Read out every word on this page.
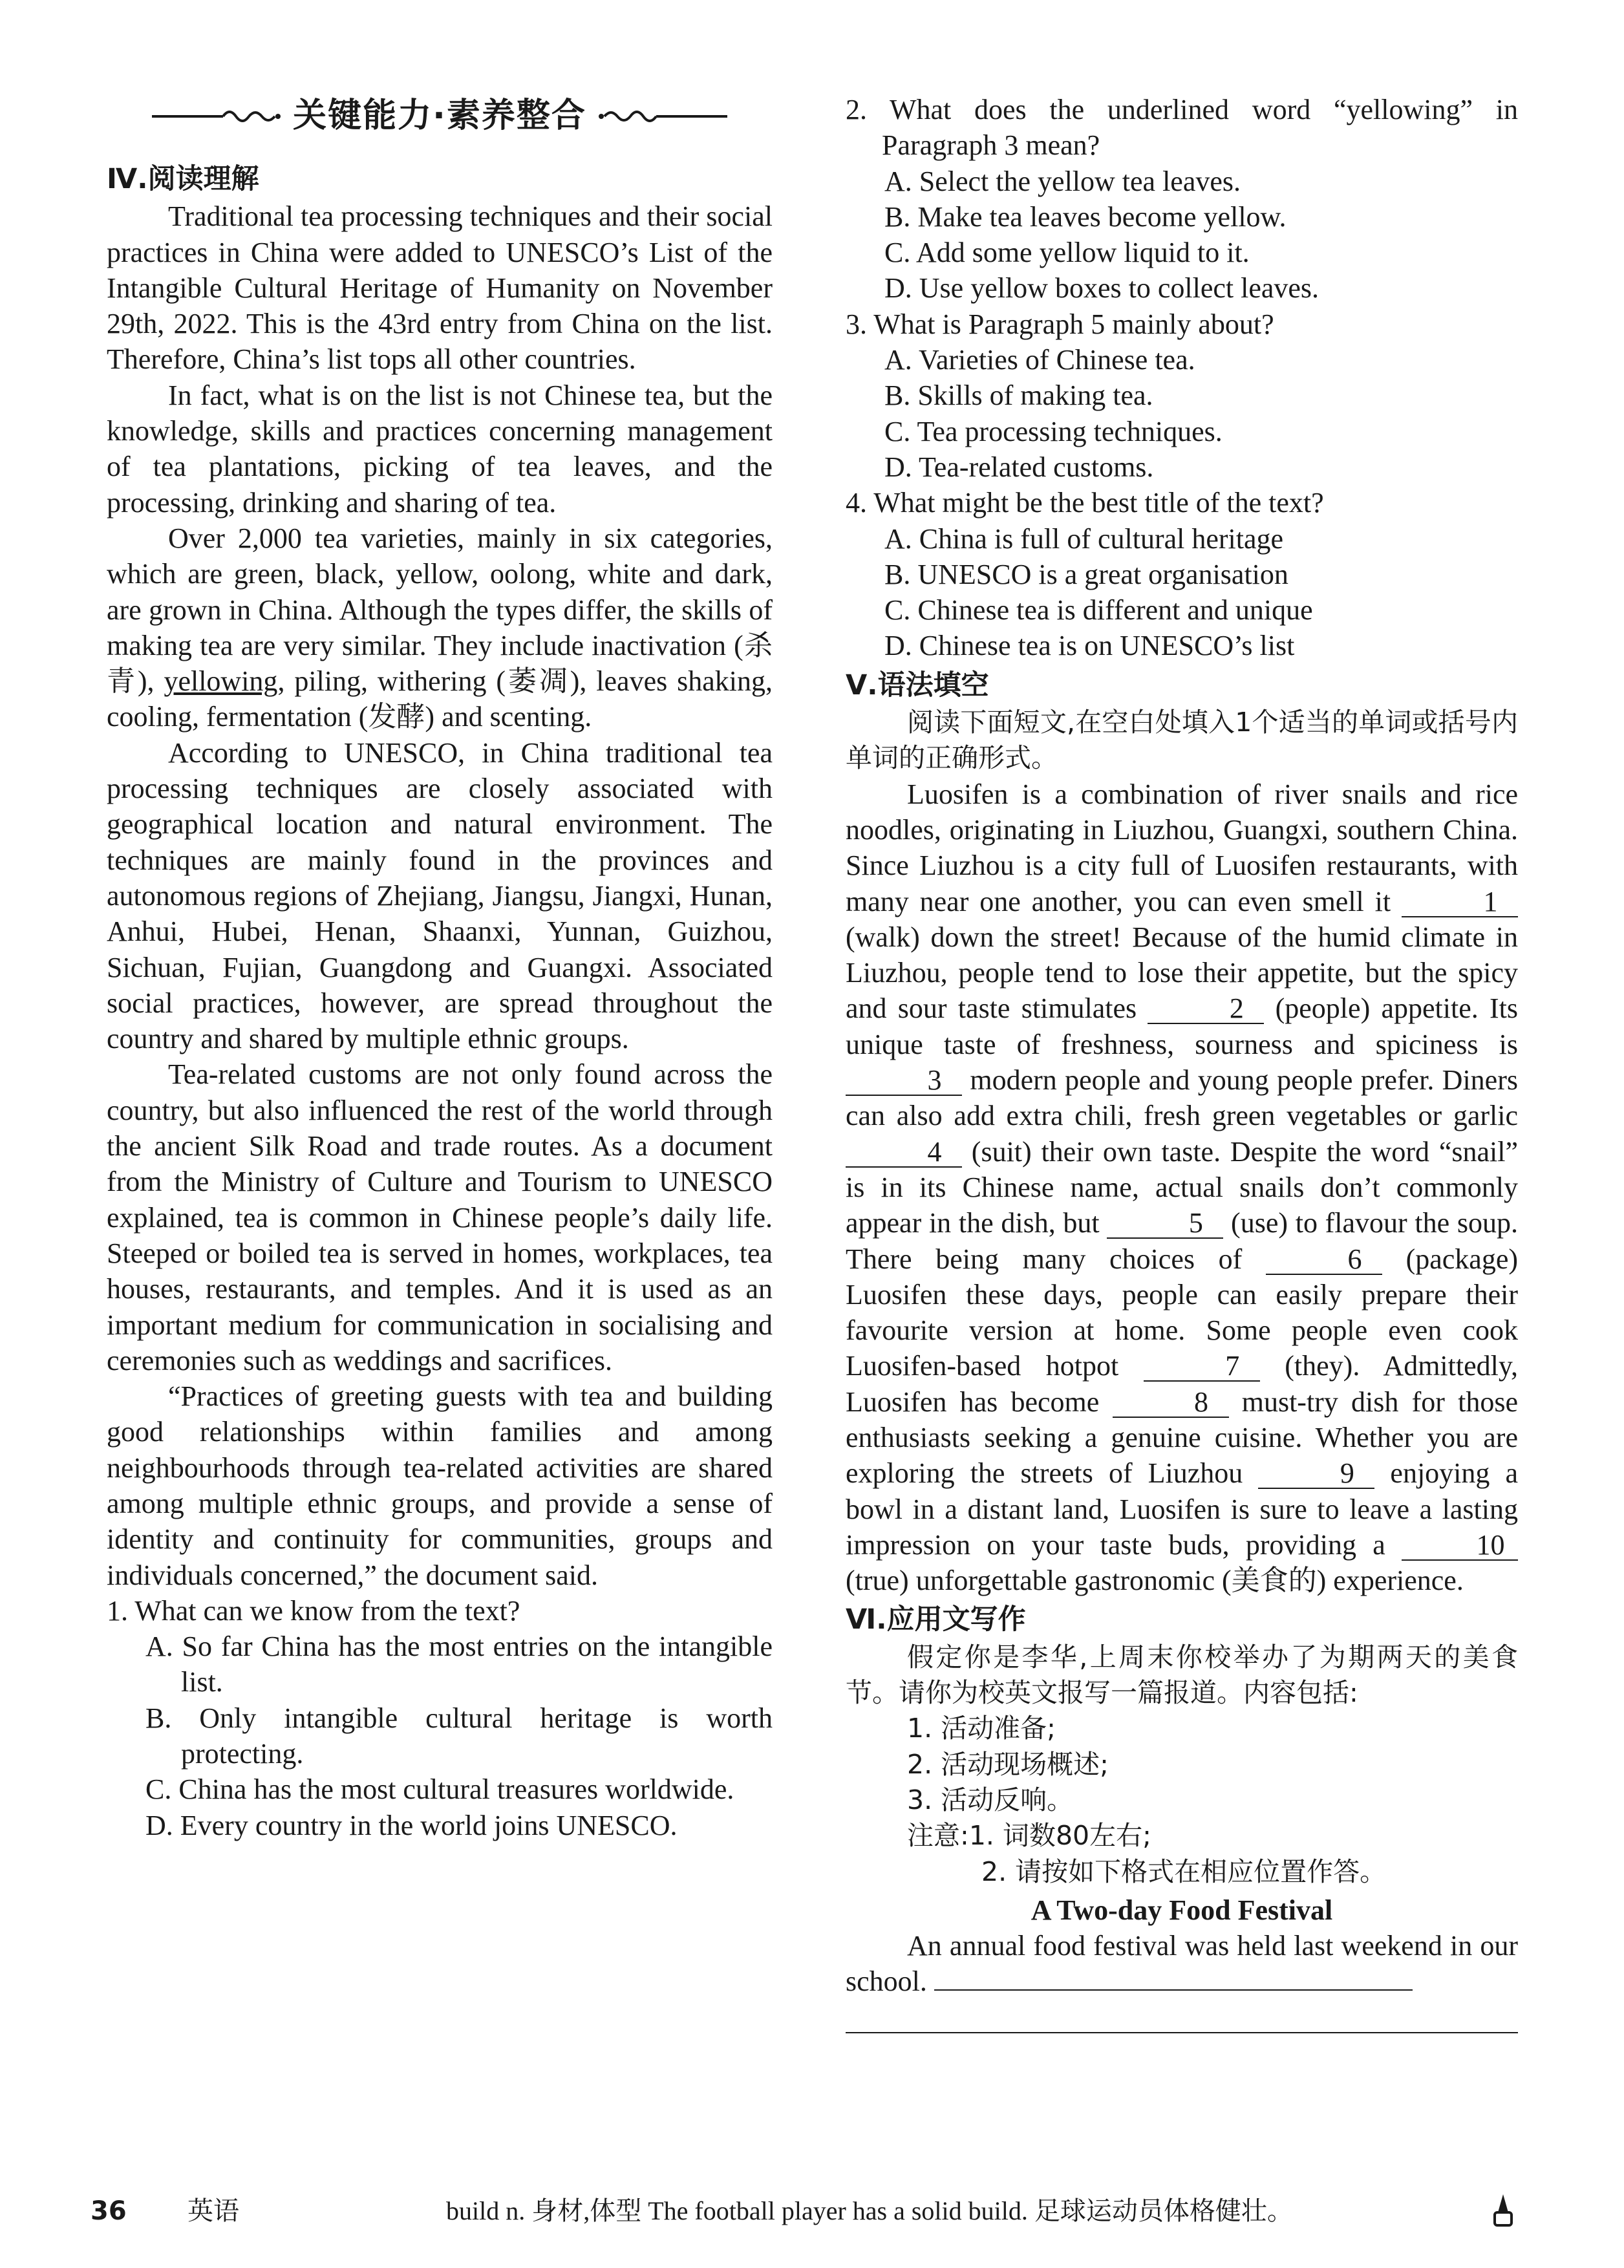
关键能力·素养整合
Ⅳ.阅读理解

Traditional tea processing techniques and their social practices in China were added to UNESCO’s List of the Intangible Cultural Heritage of Humanity on November 29th, 2022. This is the 43rd entry from China on the list. Therefore, China’s list tops all other countries.

In fact, what is on the list is not Chinese tea, but the knowledge, skills and practices concerning management of tea plantations, picking of tea leaves, and the processing, drinking and sharing of tea.

Over 2,000 tea varieties, mainly in six categories, which are green, black, yellow, oolong, white and dark, are grown in China. Although the types differ, the skills of making tea are very similar. They include inactivation (杀青), yellowing, piling, withering (萎凋), leaves shaking, cooling, fermentation (发酵) and scenting.

According to UNESCO, in China traditional tea processing techniques are closely associated with geographical location and natural environment. The techniques are mainly found in the provinces and autonomous regions of Zhejiang, Jiangsu, Jiangxi, Hunan, Anhui, Hubei, Henan, Shaanxi, Yunnan, Guizhou, Sichuan, Fujian, Guangdong and Guangxi. Associated social practices, however, are spread throughout the country and shared by multiple ethnic groups.

Tea-related customs are not only found across the country, but also influenced the rest of the world through the ancient Silk Road and trade routes. As a document from the Ministry of Culture and Tourism to UNESCO explained, tea is common in Chinese people’s daily life. Steeped or boiled tea is served in homes, workplaces, tea houses, restaurants, and temples. And it is used as an important medium for communication in socialising and ceremonies such as weddings and sacrifices.

“Practices of greeting guests with tea and building good relationships within families and among neighbourhoods through tea-related activities are shared among multiple ethnic groups, and provide a sense of identity and continuity for communities, groups and individuals concerned,” the document said.

1. What can we know from the text?

A. So far China has the most entries on the intangible list.

B. Only intangible cultural heritage is worth protecting.

C. China has the most cultural treasures worldwide.

D. Every country in the world joins UNESCO.

2. What does the underlined word “yellowing” in Paragraph 3 mean?

A. Select the yellow tea leaves.

B. Make tea leaves become yellow.

C. Add some yellow liquid to it.

D. Use yellow boxes to collect leaves.

3. What is Paragraph 5 mainly about?

A. Varieties of Chinese tea.

B. Skills of making tea.

C. Tea processing techniques.

D. Tea-related customs.

4. What might be the best title of the text?

A. China is full of cultural heritage

B. UNESCO is a great organisation

C. Chinese tea is different and unique

D. Chinese tea is on UNESCO’s list

Ⅴ.语法填空

阅读下面短文,在空白处填入1个适当的单词或括号内单词的正确形式。

Luosifen is a combination of river snails and rice noodles, originating in Liuzhou, Guangxi, southern China. Since Liuzhou is a city full of Luosifen restaurants, with many near one another, you can even smell it	1 (walk) down the street! Because of the humid climate in Liuzhou, people tend to lose their appetite, but the spicy and sour taste stimulates	2 (people) appetite. Its unique taste of freshness, sourness and spiciness is 3 modern people and young people prefer. Diners can also add extra chili, fresh green vegetables or garlic 4 (suit) their own taste. Despite the word “snail” is in its Chinese name, actual snails don’t commonly appear in the dish, but	5 (use) to flavour the soup. There being many choices of	6 (package) Luosifen these days, people can easily prepare their favourite version at home. Some people even cook Luosifen-based hotpot	7 (they). Admittedly, Luosifen has become	8 must-try dish for those enthusiasts seeking a genuine cuisine. Whether you are exploring the streets of Liuzhou	9 enjoying a bowl in a distant land, Luosifen is sure to leave a lasting impression on your taste buds, providing a	10 (true) unforgettable gastronomic (美食的) experience.

Ⅵ.应用文写作

假定你是李华,上周末你校举办了为期两天的美食节。请你为校英文报写一篇报道。内容包括:

1. 活动准备;

2. 活动现场概述;

3. 活动反响。

注意:1. 词数80左右;

2. 请按如下格式在相应位置作答。

A Two-day Food Festival

An annual food festival was held last weekend in our school.

36 英语	build n. 身材,体型 The football player has a solid build. 足球运动员体格健壮。
